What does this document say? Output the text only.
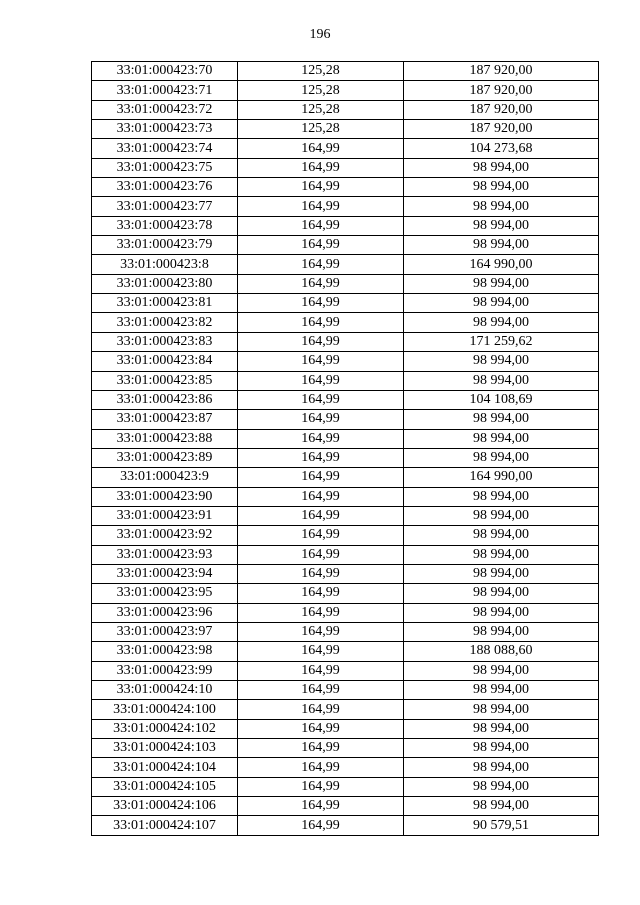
196
33:01:000423:70	125,28	187 920,00
33:01:000423:71	125,28	187 920,00
33:01:000423:72	125,28	187 920,00
33:01:000423:73	125,28	187 920,00
33:01:000423:74	164,99	104 273,68
33:01:000423:75	164,99	98 994,00
33:01:000423:76	164,99	98 994,00
33:01:000423:77	164,99	98 994,00
33:01:000423:78	164,99	98 994,00
33:01:000423:79	164,99	98 994,00
33:01:000423:8	164,99	164 990,00
33:01:000423:80	164,99	98 994,00
33:01:000423:81	164,99	98 994,00
33:01:000423:82	164,99	98 994,00
33:01:000423:83	164,99	171 259,62
33:01:000423:84	164,99	98 994,00
33:01:000423:85	164,99	98 994,00
33:01:000423:86	164,99	104 108,69
33:01:000423:87	164,99	98 994,00
33:01:000423:88	164,99	98 994,00
33:01:000423:89	164,99	98 994,00
33:01:000423:9	164,99	164 990,00
33:01:000423:90	164,99	98 994,00
33:01:000423:91	164,99	98 994,00
33:01:000423:92	164,99	98 994,00
33:01:000423:93	164,99	98 994,00
33:01:000423:94	164,99	98 994,00
33:01:000423:95	164,99	98 994,00
33:01:000423:96	164,99	98 994,00
33:01:000423:97	164,99	98 994,00
33:01:000423:98	164,99	188 088,60
33:01:000423:99	164,99	98 994,00
33:01:000424:10	164,99	98 994,00
33:01:000424:100	164,99	98 994,00
33:01:000424:102	164,99	98 994,00
33:01:000424:103	164,99	98 994,00
33:01:000424:104	164,99	98 994,00
33:01:000424:105	164,99	98 994,00
33:01:000424:106	164,99	98 994,00
33:01:000424:107	164,99	90 579,51
